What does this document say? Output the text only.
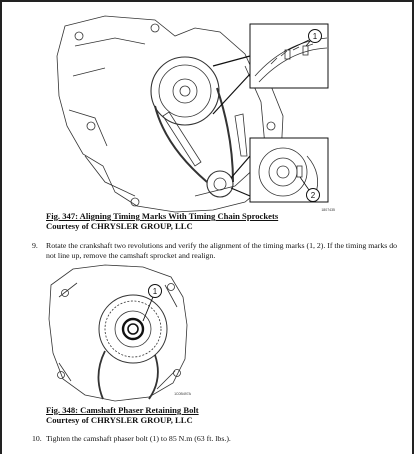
1
2
1807435
Fig. 347: Aligning Timing Marks With Timing Chain Sprockets
Courtesy of CHRYSLER GROUP, LLC
9.	Rotate the crankshaft two revolutions and verify the alignment of the timing marks (1, 2). If the timing marks do not line up, remove the camshaft sprocket and realign.
1
1C0B497A
Fig. 348: Camshaft Phaser Retaining Bolt
Courtesy of CHRYSLER GROUP, LLC
10. Tighten the camshaft phaser bolt (1) to 85 N.m (63 ft. lbs.).
